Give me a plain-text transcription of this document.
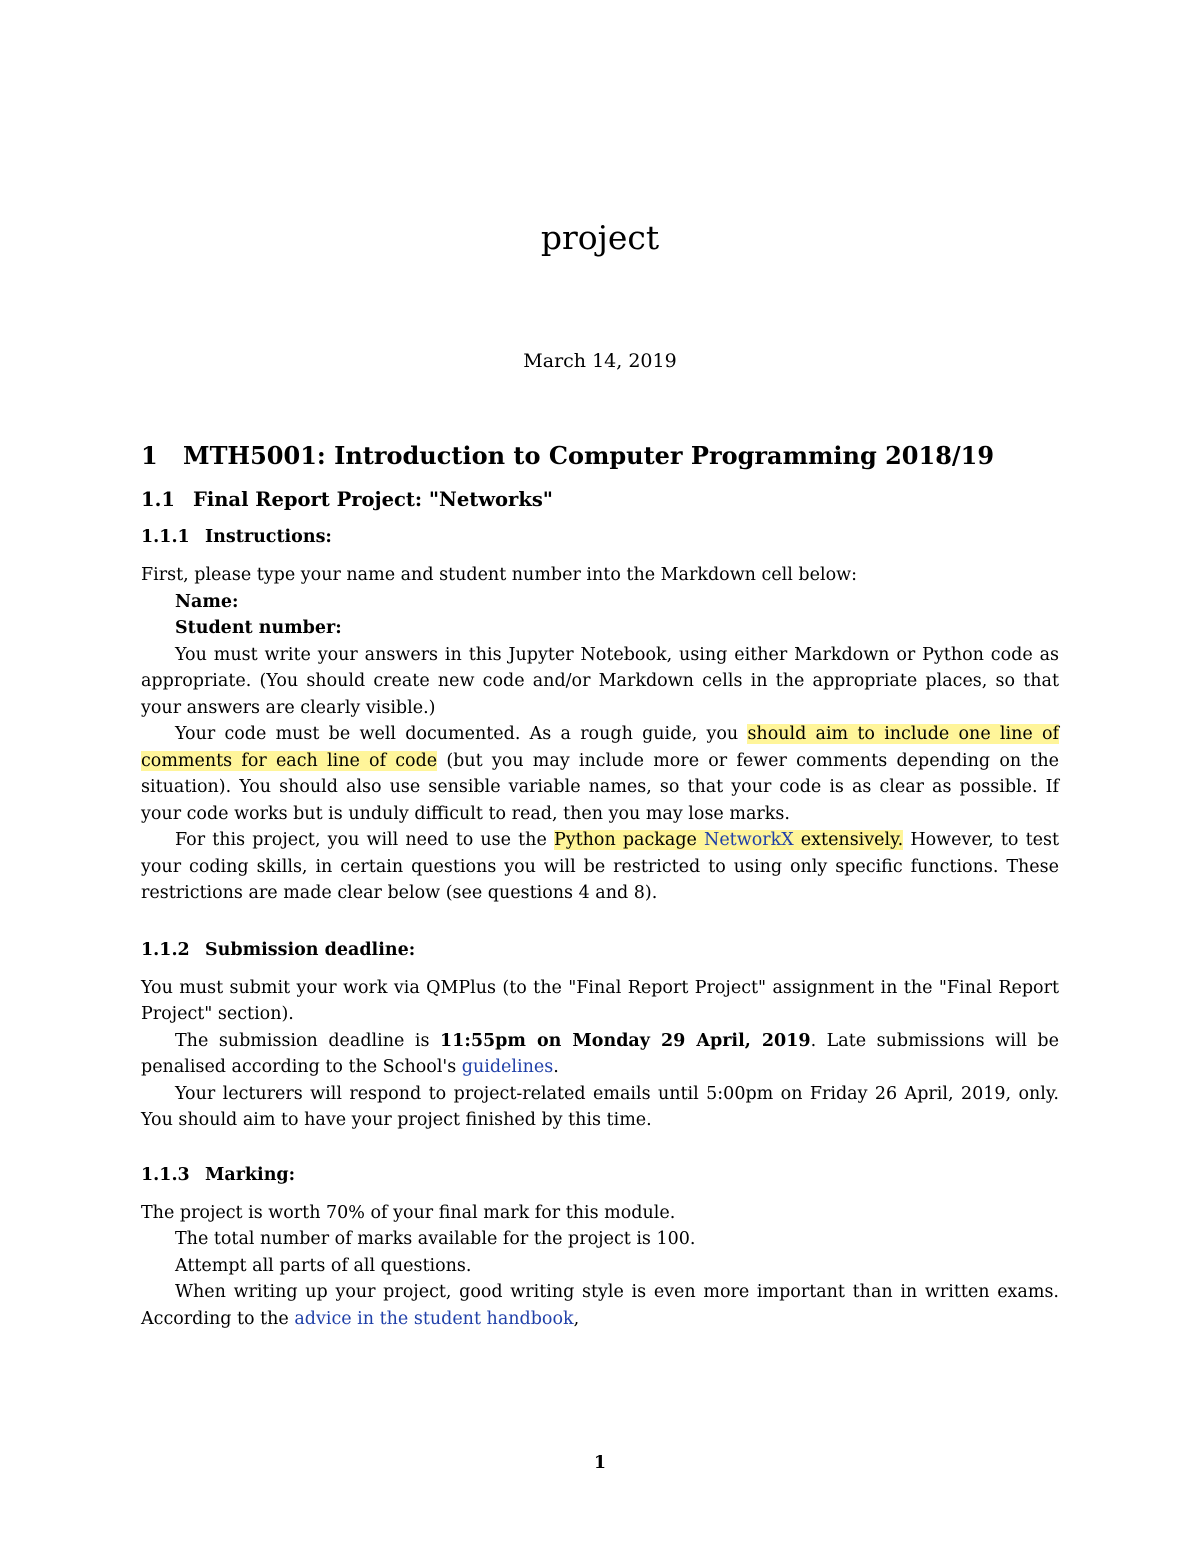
project
March 14, 2019
1 MTH5001: Introduction to Computer Programming 2018/19
1.1 Final Report Project: "Networks"
1.1.1 Instructions:

First, please type your name and student number into the Markdown cell below:

Name:

Student number:

You must write your answers in this Jupyter Notebook, using either Markdown or Python code as appropriate. (You should create new code and/or Markdown cells in the appropriate places, so that your answers are clearly visible.)

Your code must be well documented. As a rough guide, you should aim to include one line of comments for each line of code (but you may include more or fewer comments depending on the situation). You should also use sensible variable names, so that your code is as clear as possible. If your code works but is unduly difficult to read, then you may lose marks.

For this project, you will need to use the Python package NetworkX extensively. However, to test your coding skills, in certain questions you will be restricted to using only specific functions. These restrictions are made clear below (see questions 4 and 8).

1.1.2 Submission deadline:

You must submit your work via QMPlus (to the "Final Report Project" assignment in the "Final Report Project" section).

The submission deadline is 11:55pm on Monday 29 April, 2019. Late submissions will be penalised according to the School's guidelines.

Your lecturers will respond to project-related emails until 5:00pm on Friday 26 April, 2019, only. You should aim to have your project finished by this time.

1.1.3 Marking:

The project is worth 70% of your final mark for this module.

The total number of marks available for the project is 100.

Attempt all parts of all questions.

When writing up your project, good writing style is even more important than in written exams. According to the advice in the student handbook,

1
